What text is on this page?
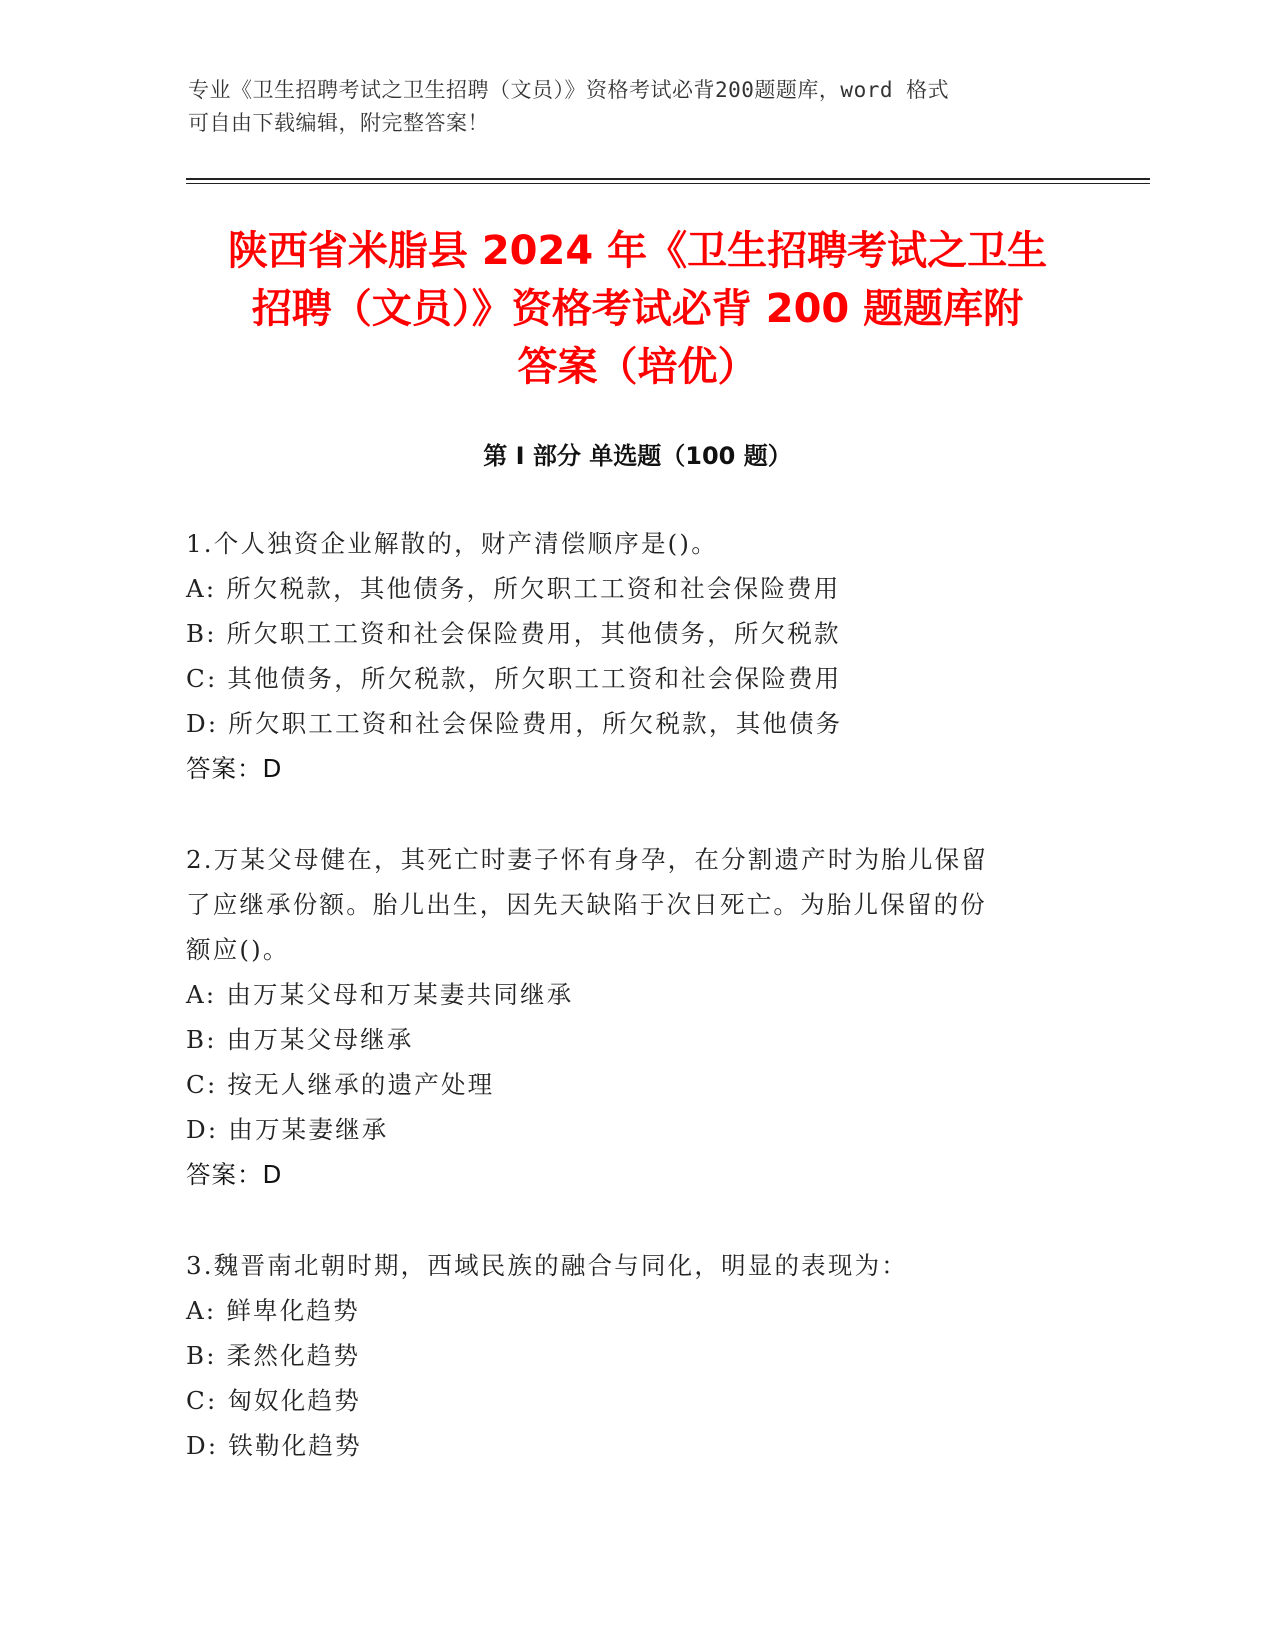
专业《卫生招聘考试之卫生招聘（文员）》资格考试必背200题题库，word 格式
可自由下载编辑，附完整答案！
陕西省米脂县 2024 年《卫生招聘考试之卫生
招聘（文员）》资格考试必背 200 题题库附
答案（培优）
第 I 部分 单选题（100 题）
1.个人独资企业解散的，财产清偿顺序是()。
A: 所欠税款，其他债务，所欠职工工资和社会保险费用
B: 所欠职工工资和社会保险费用，其他债务，所欠税款
C: 其他债务，所欠税款，所欠职工工资和社会保险费用
D: 所欠职工工资和社会保险费用，所欠税款，其他债务
答案：D
2.万某父母健在，其死亡时妻子怀有身孕，在分割遗产时为胎儿保留
了应继承份额。胎儿出生，因先天缺陷于次日死亡。为胎儿保留的份
额应()。
A: 由万某父母和万某妻共同继承
B: 由万某父母继承
C: 按无人继承的遗产处理
D: 由万某妻继承
答案：D
3.魏晋南北朝时期，西域民族的融合与同化，明显的表现为：
A: 鲜卑化趋势
B: 柔然化趋势
C: 匈奴化趋势
D: 铁勒化趋势
